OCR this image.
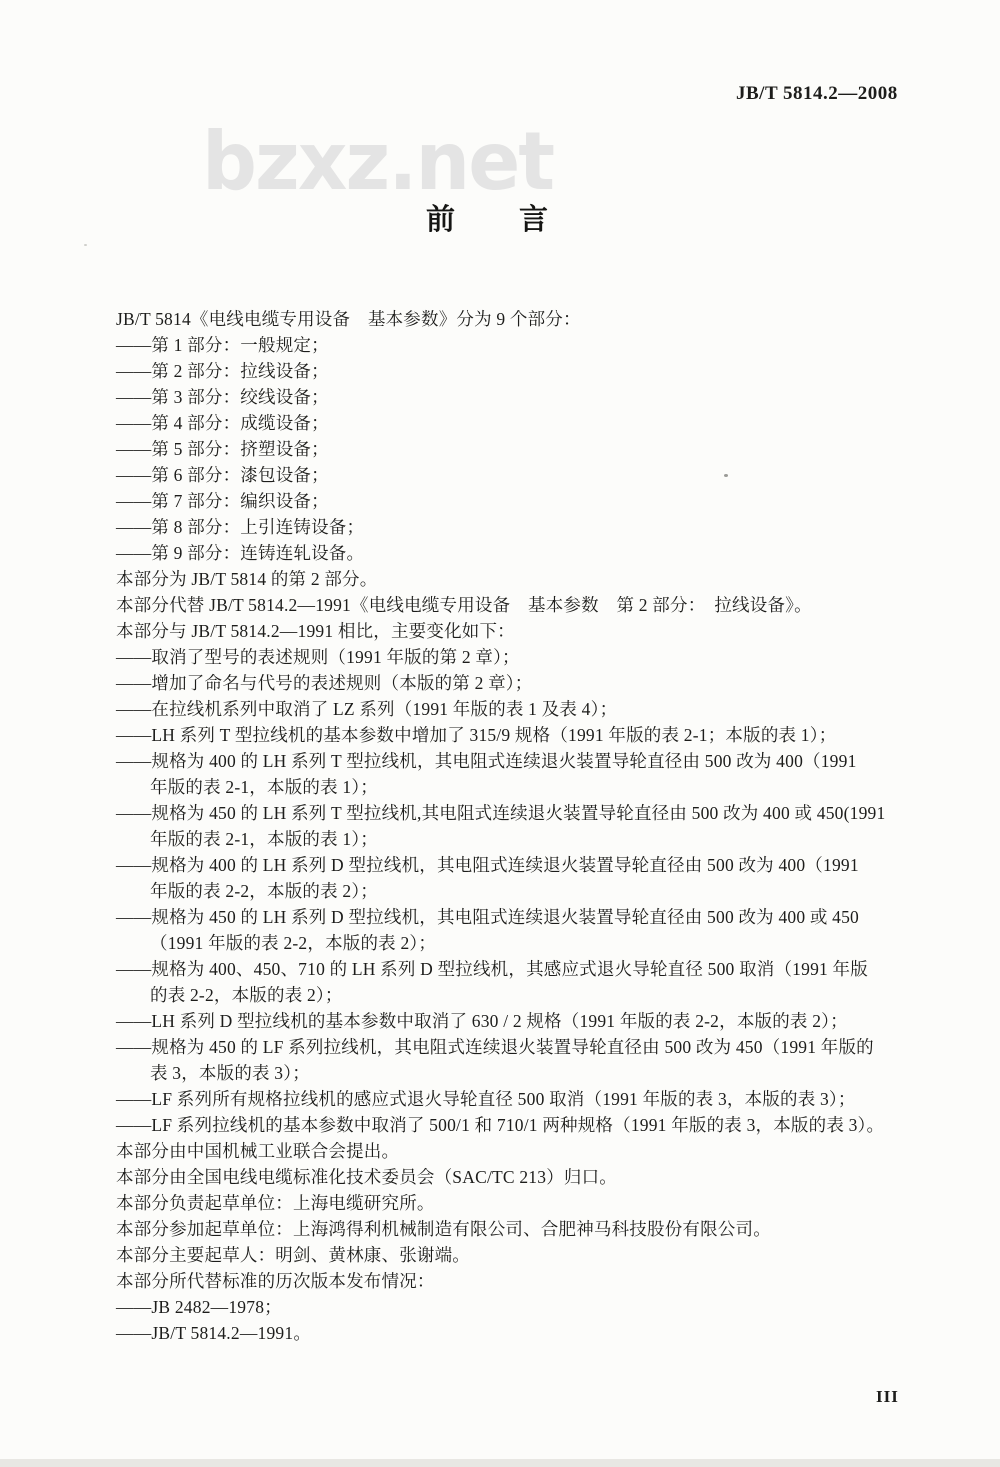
JB/T 5814.2—2008
bzxz.net
前　　言
JB/T 5814《电线电缆专用设备　基本参数》分为 9 个部分：
——第 1 部分：一般规定；
——第 2 部分：拉线设备；
——第 3 部分：绞线设备；
——第 4 部分：成缆设备；
——第 5 部分：挤塑设备；
——第 6 部分：漆包设备；
——第 7 部分：编织设备；
——第 8 部分：上引连铸设备；
——第 9 部分：连铸连轧设备。
本部分为 JB/T 5814 的第 2 部分。
本部分代替 JB/T 5814.2—1991《电线电缆专用设备　基本参数　第 2 部分：　拉线设备》。
本部分与 JB/T 5814.2—1991 相比，主要变化如下：
——取消了型号的表述规则（1991 年版的第 2 章）；
——增加了命名与代号的表述规则（本版的第 2 章）；
——在拉线机系列中取消了 LZ 系列（1991 年版的表 1 及表 4）；
——LH 系列 T 型拉线机的基本参数中增加了 315/9 规格（1991 年版的表 2-1；本版的表 1）；
——规格为 400 的 LH 系列 T 型拉线机，其电阻式连续退火装置导轮直径由 500 改为 400（1991
年版的表 2-1，本版的表 1）；
——规格为 450 的 LH 系列 T 型拉线机,其电阻式连续退火装置导轮直径由 500 改为 400 或 450(1991
年版的表 2-1，本版的表 1）；
——规格为 400 的 LH 系列 D 型拉线机，其电阻式连续退火装置导轮直径由 500 改为 400（1991
年版的表 2-2，本版的表 2）；
——规格为 450 的 LH 系列 D 型拉线机，其电阻式连续退火装置导轮直径由 500 改为 400 或 450
（1991 年版的表 2-2，本版的表 2）；
——规格为 400、450、710 的 LH 系列 D 型拉线机，其感应式退火导轮直径 500 取消（1991 年版
的表 2-2，本版的表 2）；
——LH 系列 D 型拉线机的基本参数中取消了 630 / 2 规格（1991 年版的表 2-2，本版的表 2）；
——规格为 450 的 LF 系列拉线机，其电阻式连续退火装置导轮直径由 500 改为 450（1991 年版的
表 3，本版的表 3）；
——LF 系列所有规格拉线机的感应式退火导轮直径 500 取消（1991 年版的表 3，本版的表 3）；
——LF 系列拉线机的基本参数中取消了 500/1 和 710/1 两种规格（1991 年版的表 3，本版的表 3）。
本部分由中国机械工业联合会提出。
本部分由全国电线电缆标准化技术委员会（SAC/TC 213）归口。
本部分负责起草单位：上海电缆研究所。
本部分参加起草单位：上海鸿得利机械制造有限公司、合肥神马科技股份有限公司。
本部分主要起草人：明剑、黄林康、张谢端。
本部分所代替标准的历次版本发布情况：
——JB 2482—1978；
——JB/T 5814.2—1991。
III
